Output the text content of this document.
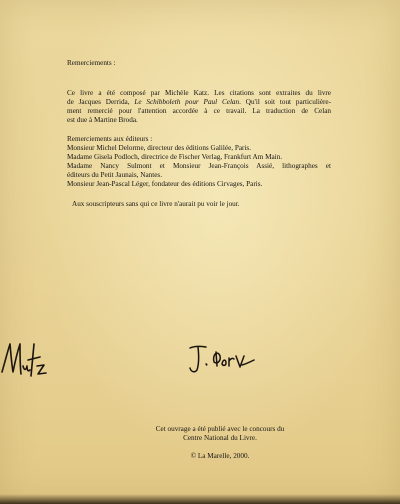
Remerciements :
Ce livre a été composé par Michèle Katz. Les citations sont extraites du livre
de Jacques Derrida, Le Schibboleth pour Paul Celan. Qu'il soit tout particulière-
ment remercié pour l'attention accordée à ce travail. La traduction de Celan
est due à Martine Broda.
Remerciements aux éditeurs :
Monsieur Michel Delorme, directeur des éditions Galilée, Paris.
Madame Gisela Podloch, directrice de Fischer Verlag, Frankfurt Am Main.
Madame Nancy Sulmont et Monsieur Jean-François Assié, lithographes et
éditeurs du Petit Jaunais, Nantes.
Monsieur Jean-Pascal Léger, fondateur des éditions Cirvages, Paris.
Aux souscripteurs sans qui ce livre n'aurait pu voir le jour.
Cet ouvrage a été publié avec le concours du
Centre National du Livre.
© La Marelle, 2000.
